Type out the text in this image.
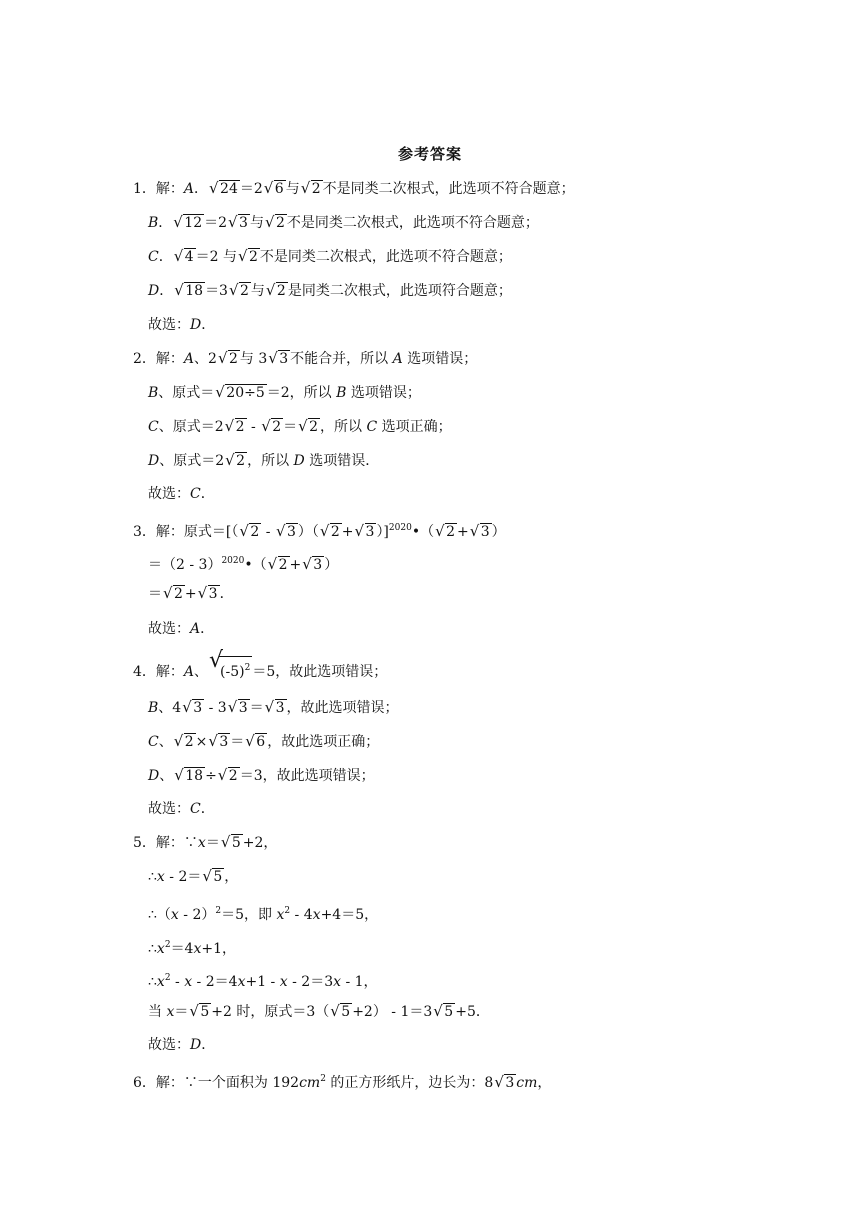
参考答案
1．解：A． √ 24 ＝2 √ 6 与 √ 2 不是同类二次根式，此选项不符合题意；
B． √ 12 ＝2 √ 3 与 √ 2 不是同类二次根式，此选项不符合题意；
C． √ 4 ＝2 与 √ 2 不是同类二次根式，此选项不符合题意；
D． √ 18 ＝3 √ 2 与 √ 2 是同类二次根式，此选项符合题意；
故选：D．
2．解：A、2 √ 2 与 3 √ 3 不能合并，所以 A 选项错误；
B、原式＝ √ 20÷5 ＝2，所以 B 选项错误；
C、原式＝2 √ 2 - √ 2 ＝ √ 2 ，所以 C 选项正确；
D、原式＝2 √ 2 ，所以 D 选项错误．
故选：C．
3．解：原式＝[（ √ 2 - √ 3 ）（ √ 2 + √ 3 ）]$^{2020}$•（ √ 2 + √ 3 ）
＝（2 - 3）$^{2020}$•（ √ 2 + √ 3 ）
＝ √ 2 + √ 3 ．
故选：A．
4．解：A、 √
$(-5)^2 =5$，故此选项错误；
B、4 √ 3 - 3 √ 3 ＝ √ 3 ，故此选项错误；
C、 √ 2 × √ 3 ＝ √ 6 ，故此选项正确；
D、 √ 18 ÷ √ 2 ＝3，故此选项错误；
故选：C．
5．解：∵x＝ √ 5 +2，
∴x - 2＝ √ 5 ，
∴（x - 2）$^2$＝5，即 $x^2 - 4x+4=5$，
$\therefore x^2=4x+1$，
$\therefore x^2 - x - 2=4x+1 - x - 2=3x - 1$，
当 x＝ √ 5 +2 时，原式＝3（ √ 5 +2） - 1＝3 √ 5 +5．
故选：D．
6．解：∵一个面积为 $192cm^2$ 的正方形纸片，边长为：8 √ 3 cm，
